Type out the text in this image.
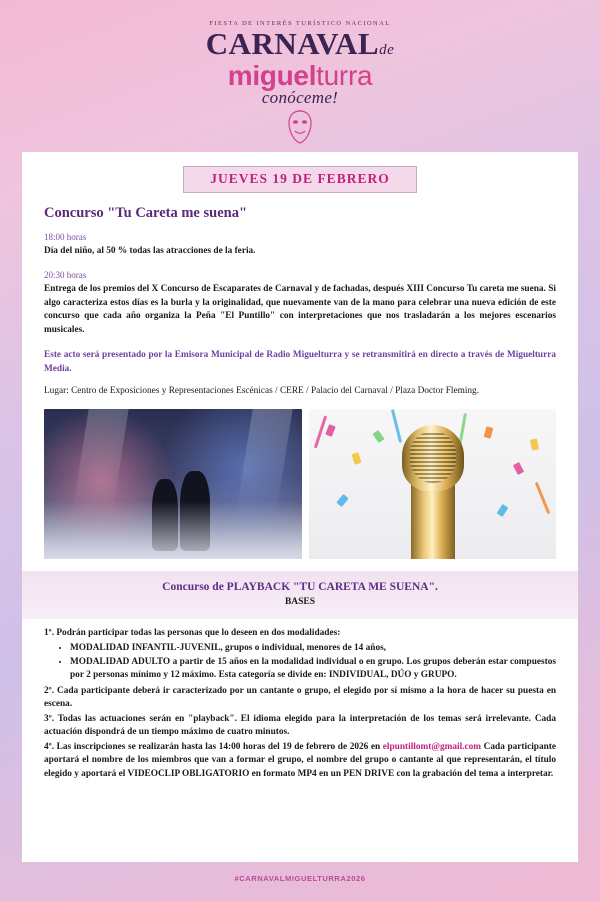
FIESTA DE INTERÉS TURÍSTICO NACIONAL
CARNAVALde
miguelturra
conóceme!
JUEVES 19 DE FEBRERO
Concurso "Tu Careta me suena"
18:00 horas

Día del niño, al 50 % todas las atracciones de la feria.

20:30 horas

Entrega de los premios del X Concurso de Escaparates de Carnaval y de fachadas, después XIII Concurso Tu careta me suena. Si algo caracteriza estos días es la burla y la originalidad, que nuevamente van de la mano para celebrar una nueva edición de este concurso que cada año organiza la Peña "El Puntillo" con interpretaciones que nos trasladarán a los mejores escenarios musicales.

Este acto será presentado por la Emisora Municipal de Radio Miguelturra y se retransmitirá en directo a través de Miguelturra Media.

Lugar: Centro de Exposiciones y Representaciones Escénicas / CERE / Palacio del Carnaval / Plaza Doctor Fleming.

Concurso de PLAYBACK "TU CARETA ME SUENA".
BASES

1º. Podrán participar todas las personas que lo deseen en dos modalidades:

• MODALIDAD INFANTIL-JUVENIL, grupos o individual, menores de 14 años,
• MODALIDAD ADULTO a partir de 15 años en la modalidad individual o en grupo. Los grupos deberán estar compuestos por 2 personas mínimo y 12 máximo. Esta categoría se divide en: INDIVIDUAL, DÚO y GRUPO.

2º. Cada participante deberá ir caracterizado por un cantante o grupo, el elegido por sí mismo a la hora de hacer su puesta en escena.

3º. Todas las actuaciones serán en "playback". El idioma elegido para la interpretación de los temas será irrelevante. Cada actuación dispondrá de un tiempo máximo de cuatro minutos.

4º. Las inscripciones se realizarán hasta las 14:00 horas del 19 de febrero de 2026 en elpuntillomt@gmail.com Cada participante aportará el nombre de los miembros que van a formar el grupo, el nombre del grupo o cantante al que representarán, el título elegido y aportará el VIDEOCLIP OBLIGATORIO en formato MP4 en un PEN DRIVE con la grabación del tema a interpretar.

#CARNAVALMIGUELTURRA2026
